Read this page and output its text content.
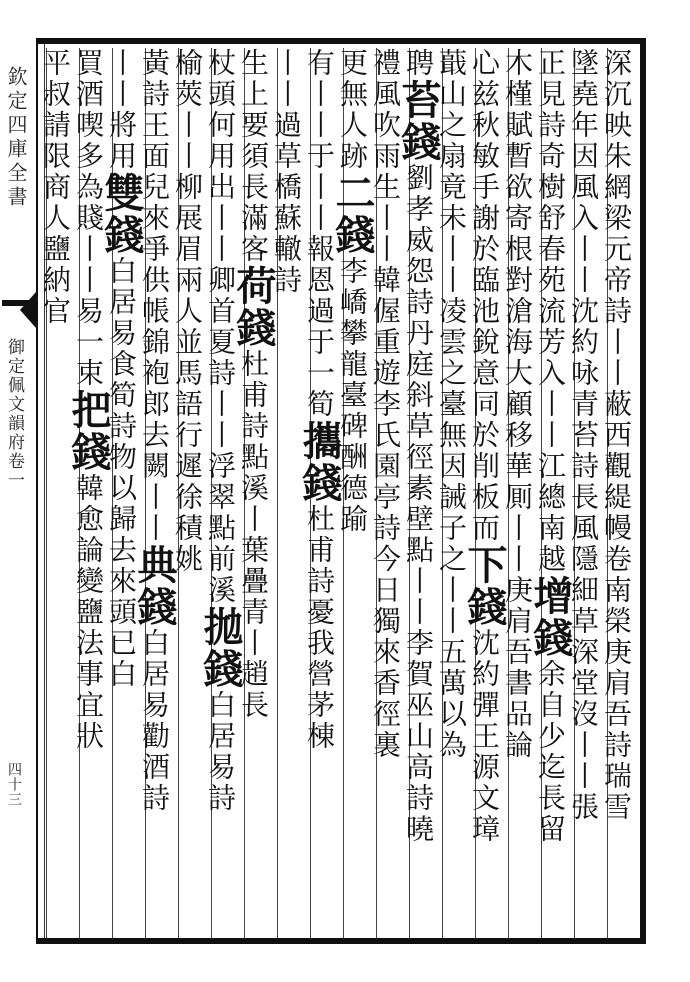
欽定四庫全書
御定佩文韻府卷一
四十三	深沉映朱網梁元帝詩丨丨蔽西觀緹幔卷南榮庚肩吾詩瑞雪
墜堯年因風入丨丨沈約咏青苔詩長風隱細草深堂沒丨丨張
正見詩奇樹舒春苑流芳入丨丨江總南越增錢余自少迄長留
木槿賦暫欲寄根對滄海大顧移華厠丨丨庚肩吾書品論
心兹秋敏手謝於臨池銳意同於削板而下錢沈約彈王源文璋
蕺山之扇竟未丨丨凌雲之臺無因誡子之丨丨五萬以為
聘苔錢劉孝威怨詩丹庭斜草徑素壁點丨丨李賀巫山高詩曉
禮風吹雨生丨丨韓偓重遊李氏園亭詩今日獨來香徑裏
更無人跡二錢李嶠攀龍臺碑酬德踰
有丨丨于丨丨報恩過于一筍攜錢杜甫詩憂我營茅棟
丨丨過草橋蘇轍詩
生上要須長滿客荷錢杜甫詩點溪丨葉疊青丨趙長
杖頭何用出丨丨卿首夏詩丨丨浮翠點前溪拋錢白居易詩
榆莢丨丨柳展眉兩人並馬語行遲徐積姚
黃詩王面兒來爭供帳錦袍郎去闕丨丨典錢白居易勸酒詩
丨丨將用雙錢白居易食筍詩物以歸去來頭已白
買酒喫多為賤丨丨易一束把錢韓愈論變鹽法事宜狀
平叔請限商人鹽納官
